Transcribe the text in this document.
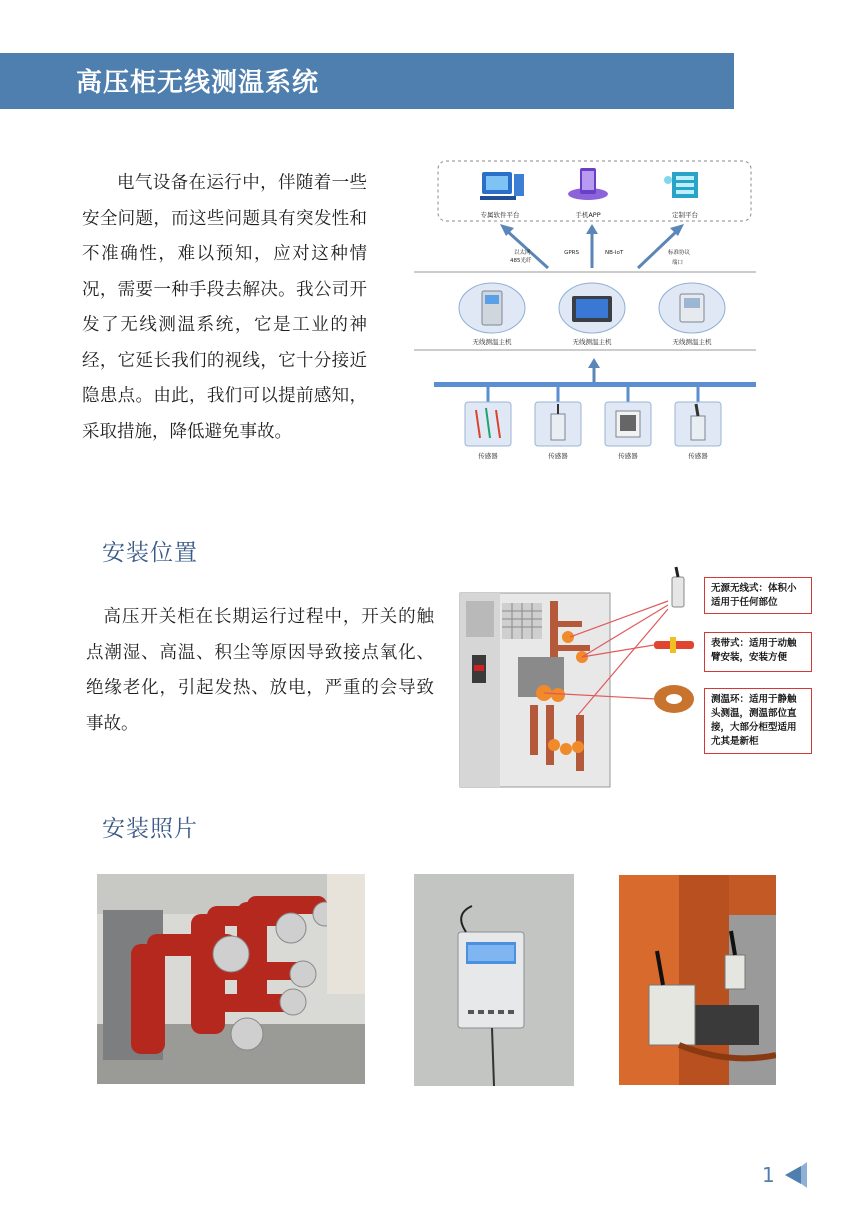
高压柜无线测温系统

电气设备在运行中，伴随着一些安全问题，而这些问题具有突发性和不准确性，难以预知，应对这种情况，需要一种手段去解决。我公司开发了无线测温系统，它是工业的神经，它延长我们的视线，它十分接近隐患点。由此，我们可以提前感知，采取措施，降低避免事故。

专属软件平台	手机APP	定制平台
以太网
485光纤
GPRS	NB-IoT	标准协议
端口
无线测温主机	无线测温主机	无线测温主机
传感器	传感器	传感器	传感器
安装位置

高压开关柜在长期运行过程中，开关的触点潮湿、高温、积尘等原因导致接点氧化、绝缘老化，引起发热、放电，严重的会导致事故。

无源无线式：体积小适用于任何部位
表带式：适用于动触臂安装，安装方便
测温环：适用于静触头测温，测温部位直接，大部分柜型适用尤其是新柜
安装照片
1
